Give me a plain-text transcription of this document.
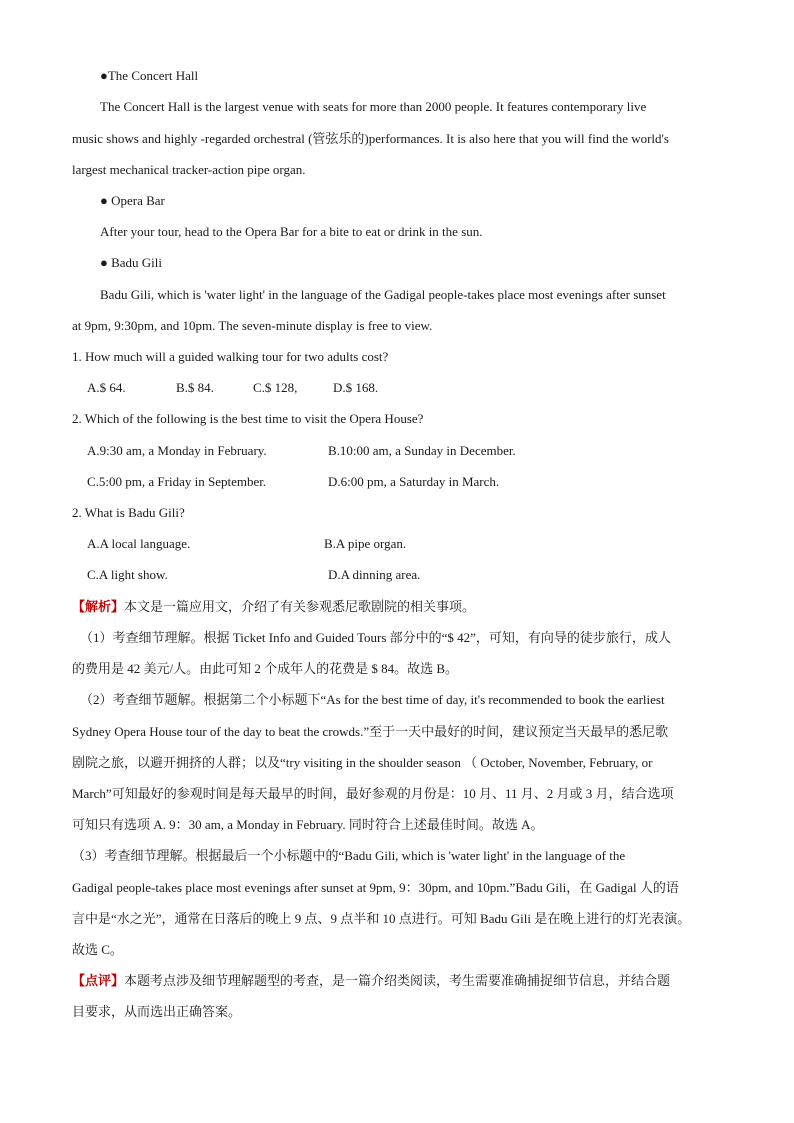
●The Concert Hall
The Concert Hall is the largest venue with seats for more than 2000 people. It features contemporary live
music shows and highly -regarded orchestral (管弦乐的)performances. It is also here that you will find the world's
largest mechanical tracker-action pipe organ.
● Opera Bar
After your tour, head to the Opera Bar for a bite to eat or drink in the sun.
● Badu Gili
Badu Gili, which is 'water light' in the language of the Gadigal people-takes place most evenings after sunset
at 9pm, 9:30pm, and 10pm. The seven-minute display is free to view.
1. How much will a guided walking tour for two adults cost?
A.$ 64.	B.$ 84.	C.$ 128,	D.$ 168.
2. Which of the following is the best time to visit the Opera House?
A.9:30 am, a Monday in February.	B.10:00 am, a Sunday in December.
C.5:00 pm, a Friday in September.	D.6:00 pm, a Saturday in March.
2. What is Badu Gili?
A.A local language.	B.A pipe organ.
C.A light show.	D.A dinning area.
【解析】本文是一篇应用文，介绍了有关参观悉尼歌剧院的相关事项。
（1）考查细节理解。根据 Ticket Info and Guided Tours 部分中的“$ 42”，可知，有向导的徒步旅行，成人
的费用是 42 美元/人。由此可知 2 个成年人的花费是 $ 84。故选 B。
（2）考查细节题解。根据第二个小标题下“As for the best time of day, it's recommended to book the earliest
Sydney Opera House tour of the day to beat the crowds.”至于一天中最好的时间，建议预定当天最早的悉尼歌
剧院之旅，以避开拥挤的人群；以及“try visiting in the shoulder season （ October, November, February, or
March”可知最好的参观时间是每天最早的时间，最好参观的月份是：10 月、11 月、2 月或 3 月，结合选项
可知只有选项 A. 9：30 am, a Monday in February. 同时符合上述最佳时间。故选 A。
（3）考查细节理解。根据最后一个小标题中的“Badu Gili, which is 'water light' in the language of the
Gadigal people-takes place most evenings after sunset at 9pm, 9：30pm, and 10pm.”Badu Gili，在 Gadigal 人的语
言中是“水之光”，通常在日落后的晚上 9 点、9 点半和 10 点进行。可知 Badu Gili 是在晚上进行的灯光表演。
故选 C。
【点评】本题考点涉及细节理解题型的考查，是一篇介绍类阅读，考生需要准确捕捉细节信息，并结合题
目要求，从而选出正确答案。
